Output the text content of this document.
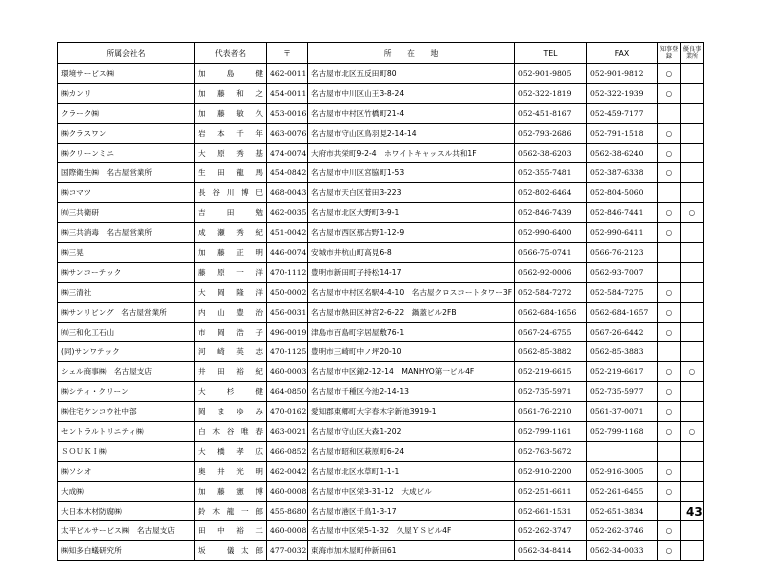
所属会社名	代表者名	〒	所　　在　　地	TEL	FAX	知事登録	優良事業所
環境サービス㈱	加島健	462-0011	名古屋市北区五反田町80	052-901-9805	052-901-9812	○	
㈱カンリ	加藤和之	454-0011	名古屋市中川区山王3-8-24	052-322-1819	052-322-1939	○	
クラーク㈱	加藤敏久	453-0016	名古屋市中村区竹橋町21-4	052-451-8167	052-459-7177		
㈱クラスワン	岩本千年	463-0076	名古屋市守山区鳥羽見2-14-14	052-793-2686	052-791-1518	○	
㈱クリーンミニ	大原秀基	474-0074	大府市共栄町9-2-4　ホワイトキャッスル共和1F	0562-38-6203	0562-38-6240	○	
国際衛生㈱　名古屋営業所	生田龍馬	454-0842	名古屋市中川区宮脇町1-53	052-355-7481	052-387-6338	○	
㈱コマツ	長谷川博巳	468-0043	名古屋市天白区菅田3-223	052-802-6464	052-804-5060		
㈲三共衛研	吉田勉	462-0035	名古屋市北区大野町3-9-1	052-846-7439	052-846-7441	○	○
㈱三共消毒　名古屋営業所	成瀬秀紀	451-0042	名古屋市西区那古野1-12-9	052-990-6400	052-990-6411	○	
㈱三晃	加藤正明	446-0074	安城市井杭山町高見6-8	0566-75-0741	0566-76-2123		
㈱サンコーテック	藤原一洋	470-1112	豊明市新田町子持松14-17	0562-92-0006	0562-93-7007		
㈱三清社	大岡隆洋	450-0002	名古屋市中村区名駅4-4-10　名古屋クロスコートタワー3F	052-584-7272	052-584-7275	○	
㈱サンリビング　名古屋営業所	内山豊治	456-0031	名古屋市熱田区神宮2-6-22　鍋蓋ビル2FB	0562-684-1656	0562-684-1657	○	
㈲三和化工石山	市岡浩子	496-0019	津島市百島町字居屋敷76-1	0567-24-6755	0567-26-6442	○	
(同)サンワテック	河崎英志	470-1125	豊明市三崎町中ノ坪20-10	0562-85-3882	0562-85-3883		
シェル商事㈱　名古屋支店	井田裕紀	460-0003	名古屋市中区錦2-12-14　MANHYO第一ビル4F	052-219-6615	052-219-6617	○	○
㈱シティ・クリーン	大杉健	464-0850	名古屋市千種区今池2-14-13	052-735-5971	052-735-5977	○	
㈱住宅ケンコウ社中部	岡まゆみ	470-0162	愛知郡東郷町大字春木字新池3919-1	0561-76-2210	0561-37-0071	○	
セントラルトリニティ㈱	白木谷唯春	463-0021	名古屋市守山区大森1-202	052-799-1161	052-799-1168	○	○
ＳＯＵＫＩ㈱	大橋孝広	466-0852	名古屋市昭和区萩原町6-24	052-763-5672			
㈱ソシオ	奥井光明	462-0042	名古屋市北区水草町1-1-1	052-910-2200	052-916-3005	○	
大成㈱	加藤憲博	460-0008	名古屋市中区栄3-31-12　大成ビル	052-251-6611	052-261-6455	○	
大日本木材防腐㈱	鈴木龍一郎	455-8680	名古屋市港区千鳥1-3-17	052-661-1531	052-651-3834		
太平ビルサービス㈱　名古屋支店	田中裕二	460-0008	名古屋市中区栄5-1-32　久屋ＹＳビル4F	052-262-3747	052-262-3746	○	
㈱知多白蟻研究所	坂　儀太郎	477-0032	東海市加木屋町仲新田61	0562-34-8414	0562-34-0033	○	
43
